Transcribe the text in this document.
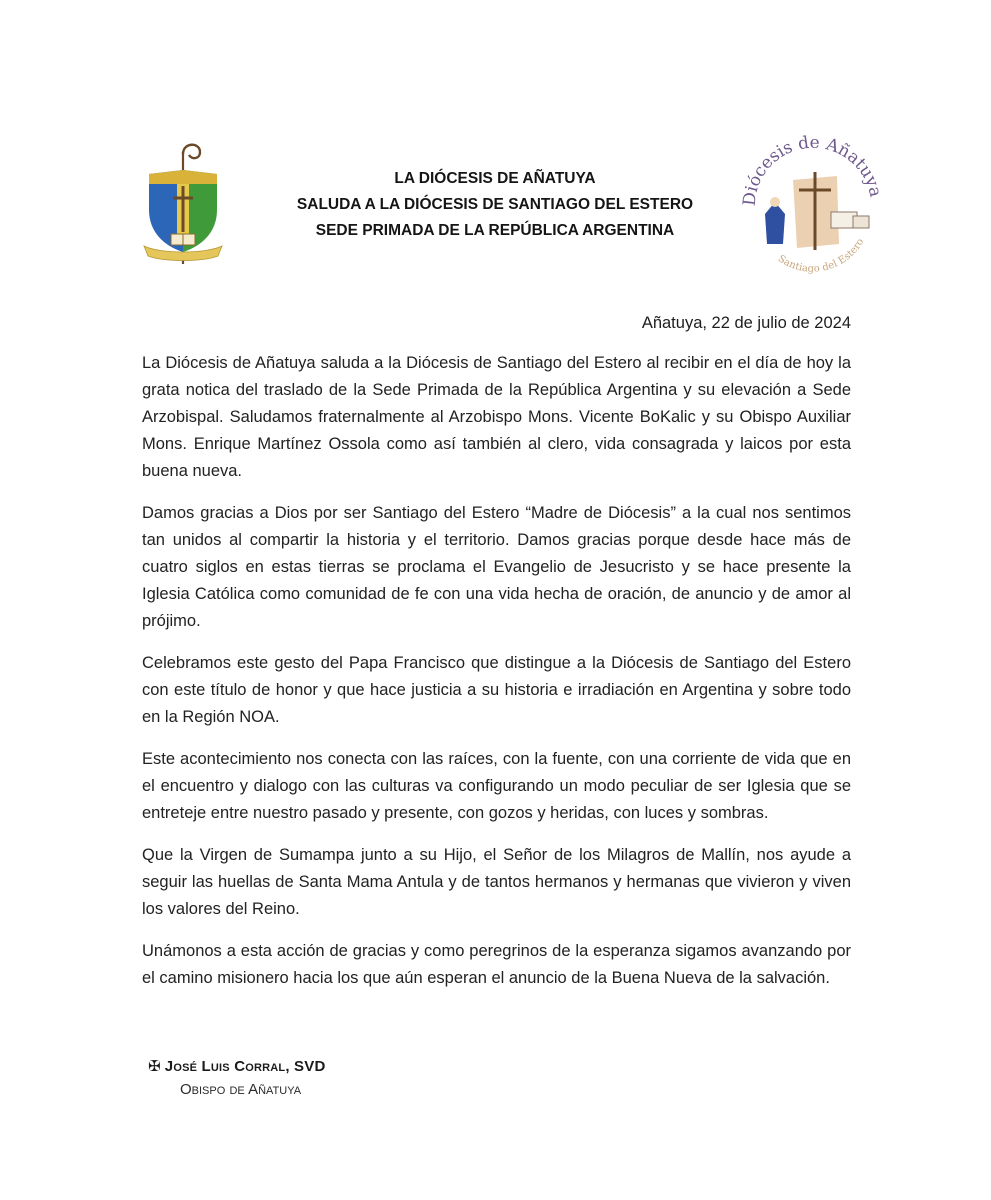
LA DIÓCESIS DE AÑATUYA
SALUDA A LA DIÓCESIS DE SANTIAGO DEL ESTERO
SEDE PRIMADA DE LA REPÚBLICA ARGENTINA
Diócesis de Añatuya
Santiago del Estero
Añatuya, 22 de julio de 2024

La Diócesis de Añatuya saluda a la Diócesis de Santiago del Estero al recibir en el día de hoy la grata notica del traslado de la Sede Primada de la República Argentina y su elevación a Sede Arzobispal. Saludamos fraternalmente al Arzobispo Mons. Vicente BoKalic y su Obispo Auxiliar Mons. Enrique Martínez Ossola como así también al clero, vida consagrada y laicos por esta buena nueva.

Damos gracias a Dios por ser Santiago del Estero “Madre de Diócesis” a la cual nos sentimos tan unidos al compartir la historia y el territorio. Damos gracias porque desde hace más de cuatro siglos en estas tierras se proclama el Evangelio de Jesucristo y se hace presente la Iglesia Católica como comunidad de fe con una vida hecha de oración, de anuncio y de amor al prójimo.

Celebramos este gesto del Papa Francisco que distingue a la Diócesis de Santiago del Estero con este título de honor y que hace justicia a su historia e irradiación en Argentina y sobre todo en la Región NOA.

Este acontecimiento nos conecta con las raíces, con la fuente, con una corriente de vida que en el encuentro y dialogo con las culturas va configurando un modo peculiar de ser Iglesia que se entreteje entre nuestro pasado y presente, con gozos y heridas, con luces y sombras.

Que la Virgen de Sumampa junto a su Hijo, el Señor de los Milagros de Mallín, nos ayude a seguir las huellas de Santa Mama Antula y de tantos hermanos y hermanas que vivieron y viven los valores del Reino.

Unámonos a esta acción de gracias y como peregrinos de la esperanza sigamos avanzando por el camino misionero hacia los que aún esperan el anuncio de la Buena Nueva de la salvación.

✠ José Luis Corral, SVD
Obispo de Añatuya
